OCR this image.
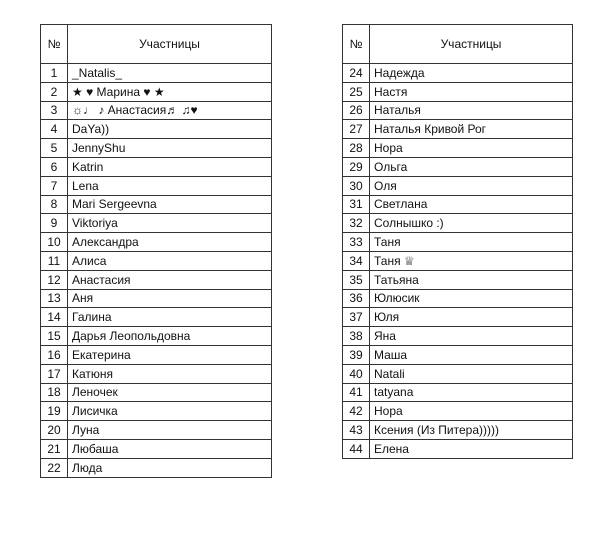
№	Участницы
1	_Natalis_
2	★ ♥ Марина ♥ ★
3	☼♩ ♪ Анастасия♬ ♫♥
4	DaYa))
5	JennyShu
6	Katrin
7	Lena
8	Mari Sergeevna
9	Viktoriya
10	Александра
11	Алиса
12	Анастасия
13	Аня
14	Галина
15	Дарья Леопольдовна
16	Екатерина
17	Катюня
18	Леночек
19	Лисичка
20	Луна
21	Любаша
22	Люда
№	Участницы
24	Надежда
25	Настя
26	Наталья
27	Наталья Кривой Рог
28	Нора
29	Ольга
30	Оля
31	Светлана
32	Солнышко :)
33	Таня
34	Таня ♕
35	Татьяна
36	Юлюсик
37	Юля
38	Яна
39	Маша
40	Natali
41	tatyana
42	Нора
43	Ксения (Из Питера)))))
44	Елена
